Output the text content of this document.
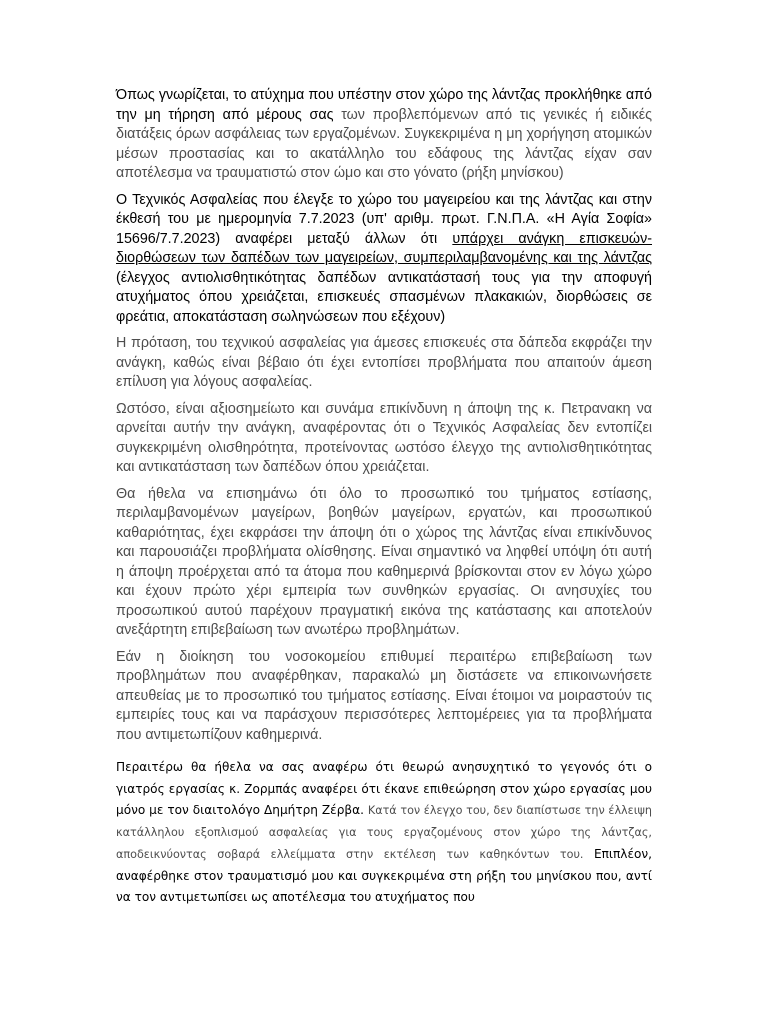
Όπως γνωρίζεται, το ατύχημα που υπέστην στον χώρο της λάντζας προκλήθηκε από την μη τήρηση από μέρους σας των προβλεπόμενων από τις γενικές ή ειδικές διατάξεις όρων ασφάλειας των εργαζομένων. Συγκεκριμένα η μη χορήγηση ατομικών μέσων προστασίας και το ακατάλληλο του εδάφους της λάντζας είχαν σαν αποτέλεσμα να τραυματιστώ στον ώμο και στο γόνατο (ρήξη μηνίσκου)

Ο Τεχνικός Ασφαλείας που έλεγξε το χώρο του μαγειρείου και της λάντζας και στην έκθεσή του με ημερομηνία 7.7.2023 (υπ' αριθμ. πρωτ. Γ.Ν.Π.Α. «Η Αγία Σοφία» 15696/7.7.2023) αναφέρει μεταξύ άλλων ότι υπάρχει ανάγκη επισκευών-διορθώσεων των δαπέδων των μαγειρείων, συμπεριλαμβανομένης και της λάντζας (έλεγχος αντιολισθητικότητας δαπέδων αντικατάστασή τους για την αποφυγή ατυχήματος όπου χρειάζεται, επισκευές σπασμένων πλακακιών, διορθώσεις σε φρεάτια, αποκατάσταση σωληνώσεων που εξέχουν)

Η πρόταση, του τεχνικού ασφαλείας για άμεσες επισκευές στα δάπεδα εκφράζει την ανάγκη, καθώς είναι βέβαιο ότι έχει εντοπίσει προβλήματα που απαιτούν άμεση επίλυση για λόγους ασφαλείας.

Ωστόσο, είναι αξιοσημείωτο και συνάμα επικίνδυνη η άποψη της κ. Πετρανακη να αρνείται αυτήν την ανάγκη, αναφέροντας ότι ο Τεχνικός Ασφαλείας δεν εντοπίζει συγκεκριμένη ολισθηρότητα, προτείνοντας ωστόσο έλεγχο της αντιολισθητικότητας και αντικατάσταση των δαπέδων όπου χρειάζεται.

Θα ήθελα να επισημάνω ότι όλο το προσωπικό του τμήματος εστίασης, περιλαμβανομένων μαγείρων, βοηθών μαγείρων, εργατών, και προσωπικού καθαριότητας, έχει εκφράσει την άποψη ότι ο χώρος της λάντζας είναι επικίνδυνος και παρουσιάζει προβλήματα ολίσθησης. Είναι σημαντικό να ληφθεί υπόψη ότι αυτή η άποψη προέρχεται από τα άτομα που καθημερινά βρίσκονται στον εν λόγω χώρο και έχουν πρώτο χέρι εμπειρία των συνθηκών εργασίας. Οι ανησυχίες του προσωπικού αυτού παρέχουν πραγματική εικόνα της κατάστασης και αποτελούν ανεξάρτητη επιβεβαίωση των ανωτέρω προβλημάτων.

Εάν η διοίκηση του νοσοκομείου επιθυμεί περαιτέρω επιβεβαίωση των προβλημάτων που αναφέρθηκαν, παρακαλώ μη διστάσετε να επικοινωνήσετε απευθείας με το προσωπικό του τμήματος εστίασης. Είναι έτοιμοι να μοιραστούν τις εμπειρίες τους και να παράσχουν περισσότερες λεπτομέρειες για τα προβλήματα που αντιμετωπίζουν καθημερινά.

Περαιτέρω θα ήθελα να σας αναφέρω ότι θεωρώ ανησυχητικό το γεγονός ότι ο γιατρός εργασίας κ. Ζορμπάς αναφέρει ότι έκανε επιθεώρηση στον χώρο εργασίας μου μόνο με τον διαιτολόγο Δημήτρη Ζέρβα. Κατά τον έλεγχο του, δεν διαπίστωσε την έλλειψη κατάλληλου εξοπλισμού ασφαλείας για τους εργαζομένους στον χώρο της λάντζας, αποδεικνύοντας σοβαρά ελλείμματα στην εκτέλεση των καθηκόντων του. Επιπλέον, αναφέρθηκε στον τραυματισμό μου και συγκεκριμένα στη ρήξη του μηνίσκου που, αντί να τον αντιμετωπίσει ως αποτέλεσμα του ατυχήματος που
